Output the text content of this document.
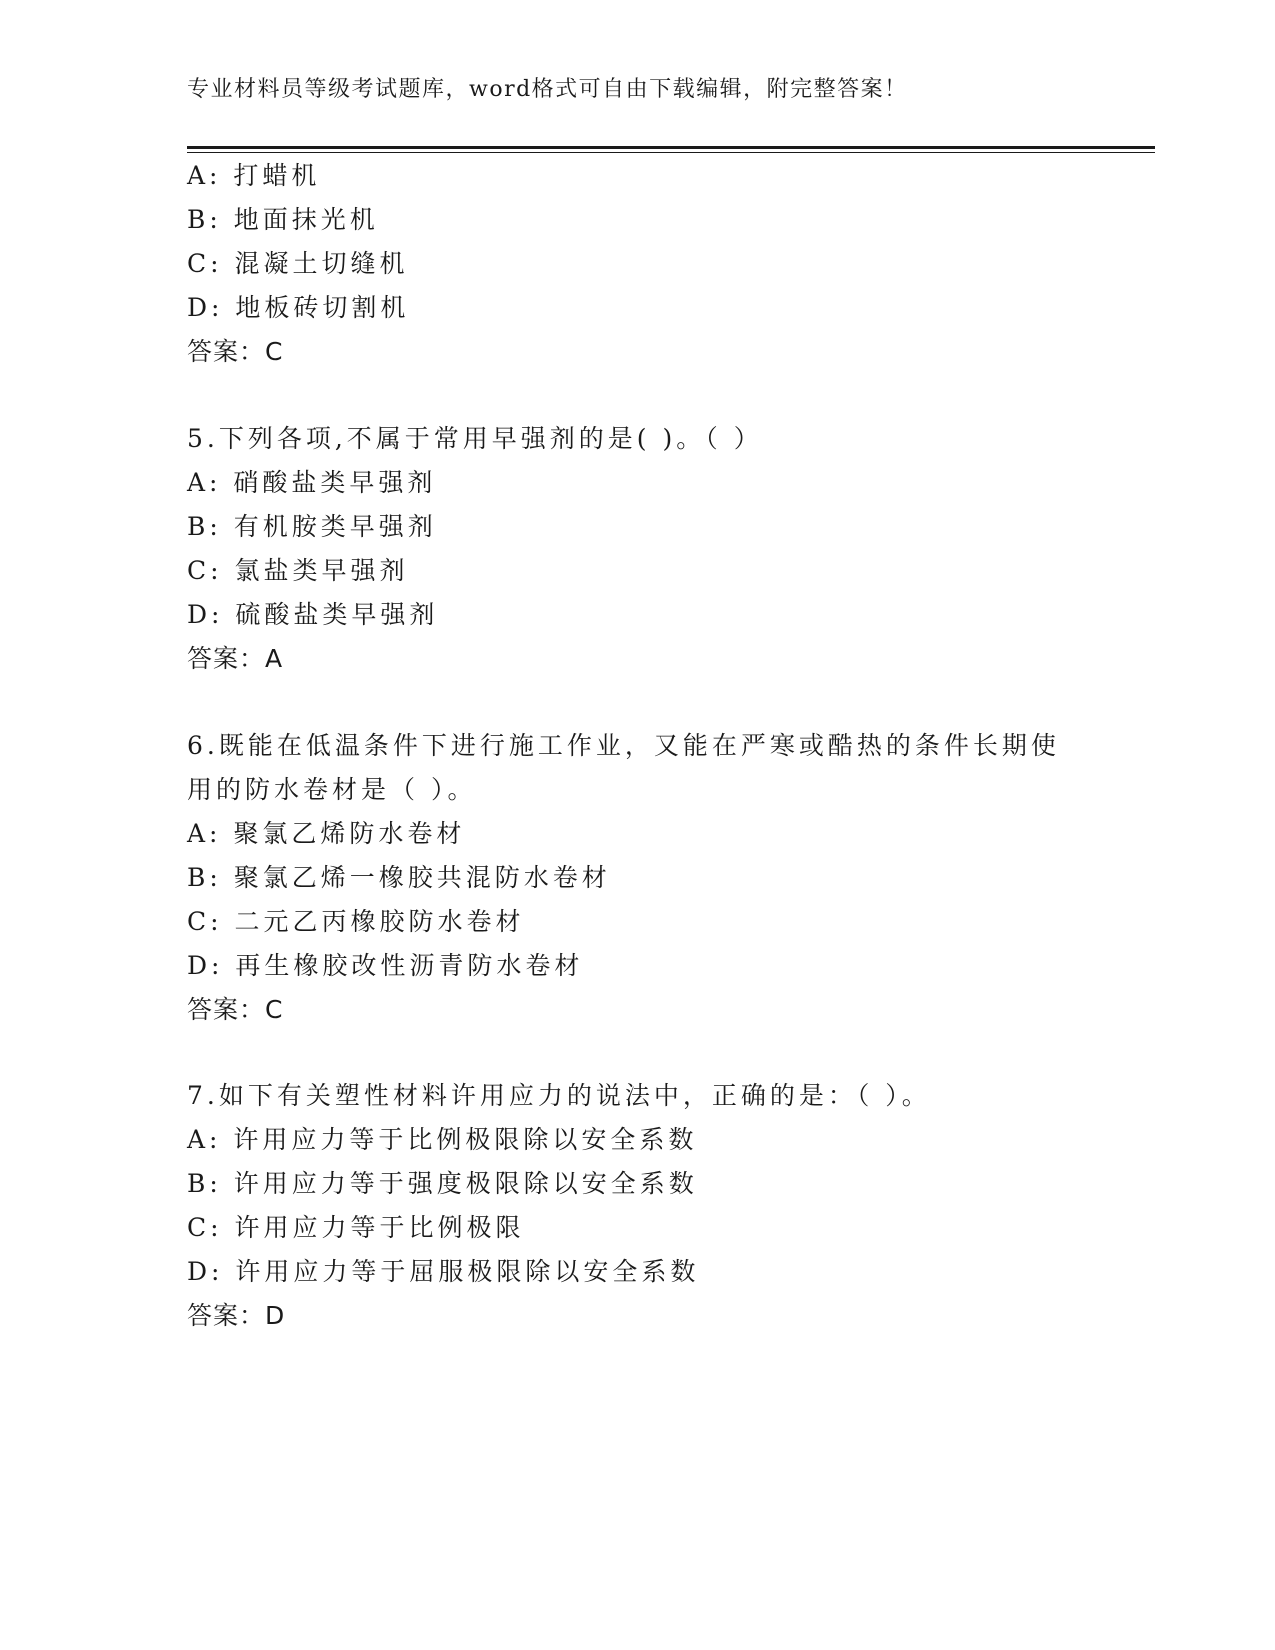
专业材料员等级考试题库，word格式可自由下载编辑，附完整答案！
A: 打蜡机
B: 地面抹光机
C: 混凝土切缝机
D: 地板砖切割机
答案：C
5.下列各项,不属于常用早强剂的是( )。（ ）
A: 硝酸盐类早强剂
B: 有机胺类早强剂
C: 氯盐类早强剂
D: 硫酸盐类早强剂
答案：A
6.既能在低温条件下进行施工作业，又能在严寒或酷热的条件长期使
用的防水卷材是（ ）。
A: 聚氯乙烯防水卷材
B: 聚氯乙烯一橡胶共混防水卷材
C: 二元乙丙橡胶防水卷材
D: 再生橡胶改性沥青防水卷材
答案：C
7.如下有关塑性材料许用应力的说法中，正确的是：（ ）。
A: 许用应力等于比例极限除以安全系数
B: 许用应力等于强度极限除以安全系数
C: 许用应力等于比例极限
D: 许用应力等于屈服极限除以安全系数
答案：D
